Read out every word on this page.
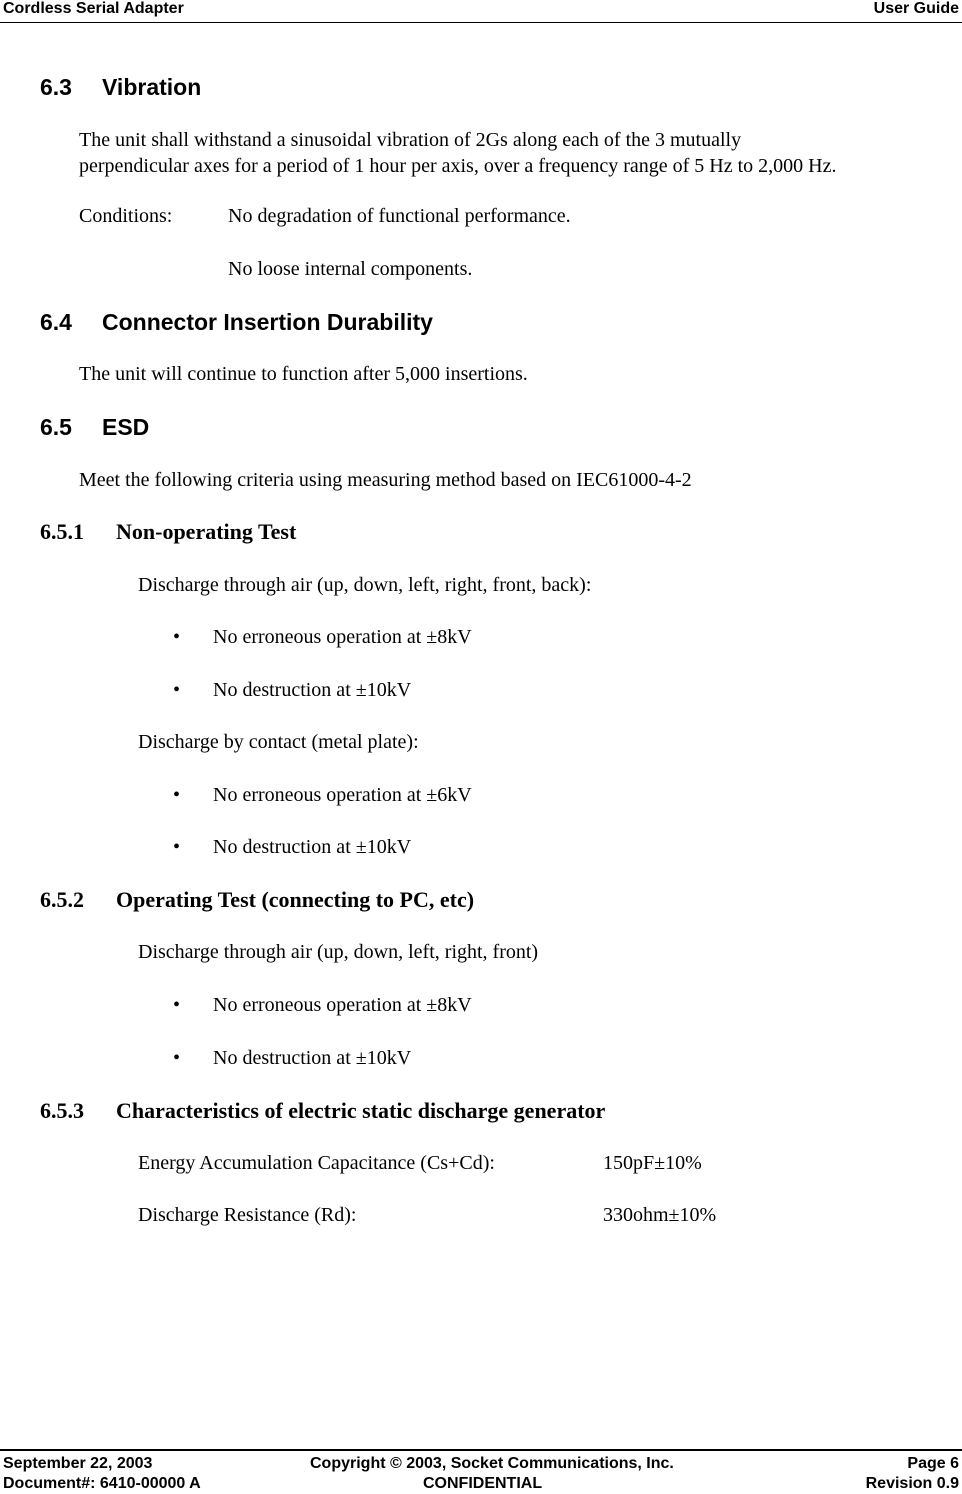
Cordless Serial Adapter	User Guide
6.3 Vibration
The unit shall withstand a sinusoidal vibration of 2Gs along each of the 3 mutually
perpendicular axes for a period of 1 hour per axis, over a frequency range of 5 Hz to 2,000 Hz.
Conditions:	No degradation of functional performance.
No loose internal components.
6.4 Connector Insertion Durability
The unit will continue to function after 5,000 insertions.
6.5 ESD
Meet the following criteria using measuring method based on IEC61000-4-2
6.5.1 Non-operating Test
Discharge through air (up, down, left, right, front, back):
• No erroneous operation at ±8kV
• No destruction at ±10kV
Discharge by contact (metal plate):
• No erroneous operation at ±6kV
• No destruction at ±10kV
6.5.2 Operating Test (connecting to PC, etc)
Discharge through air (up, down, left, right, front)
• No erroneous operation at ±8kV
• No destruction at ±10kV
6.5.3 Characteristics of electric static discharge generator
Energy Accumulation Capacitance (Cs+Cd):	150pF±10%
Discharge Resistance (Rd):	330ohm±10%
September 22, 2003
Document#: 6410-00000 A
Copyright © 2003, Socket Communications, Inc.
CONFIDENTIAL
Page 6
Revision 0.9
